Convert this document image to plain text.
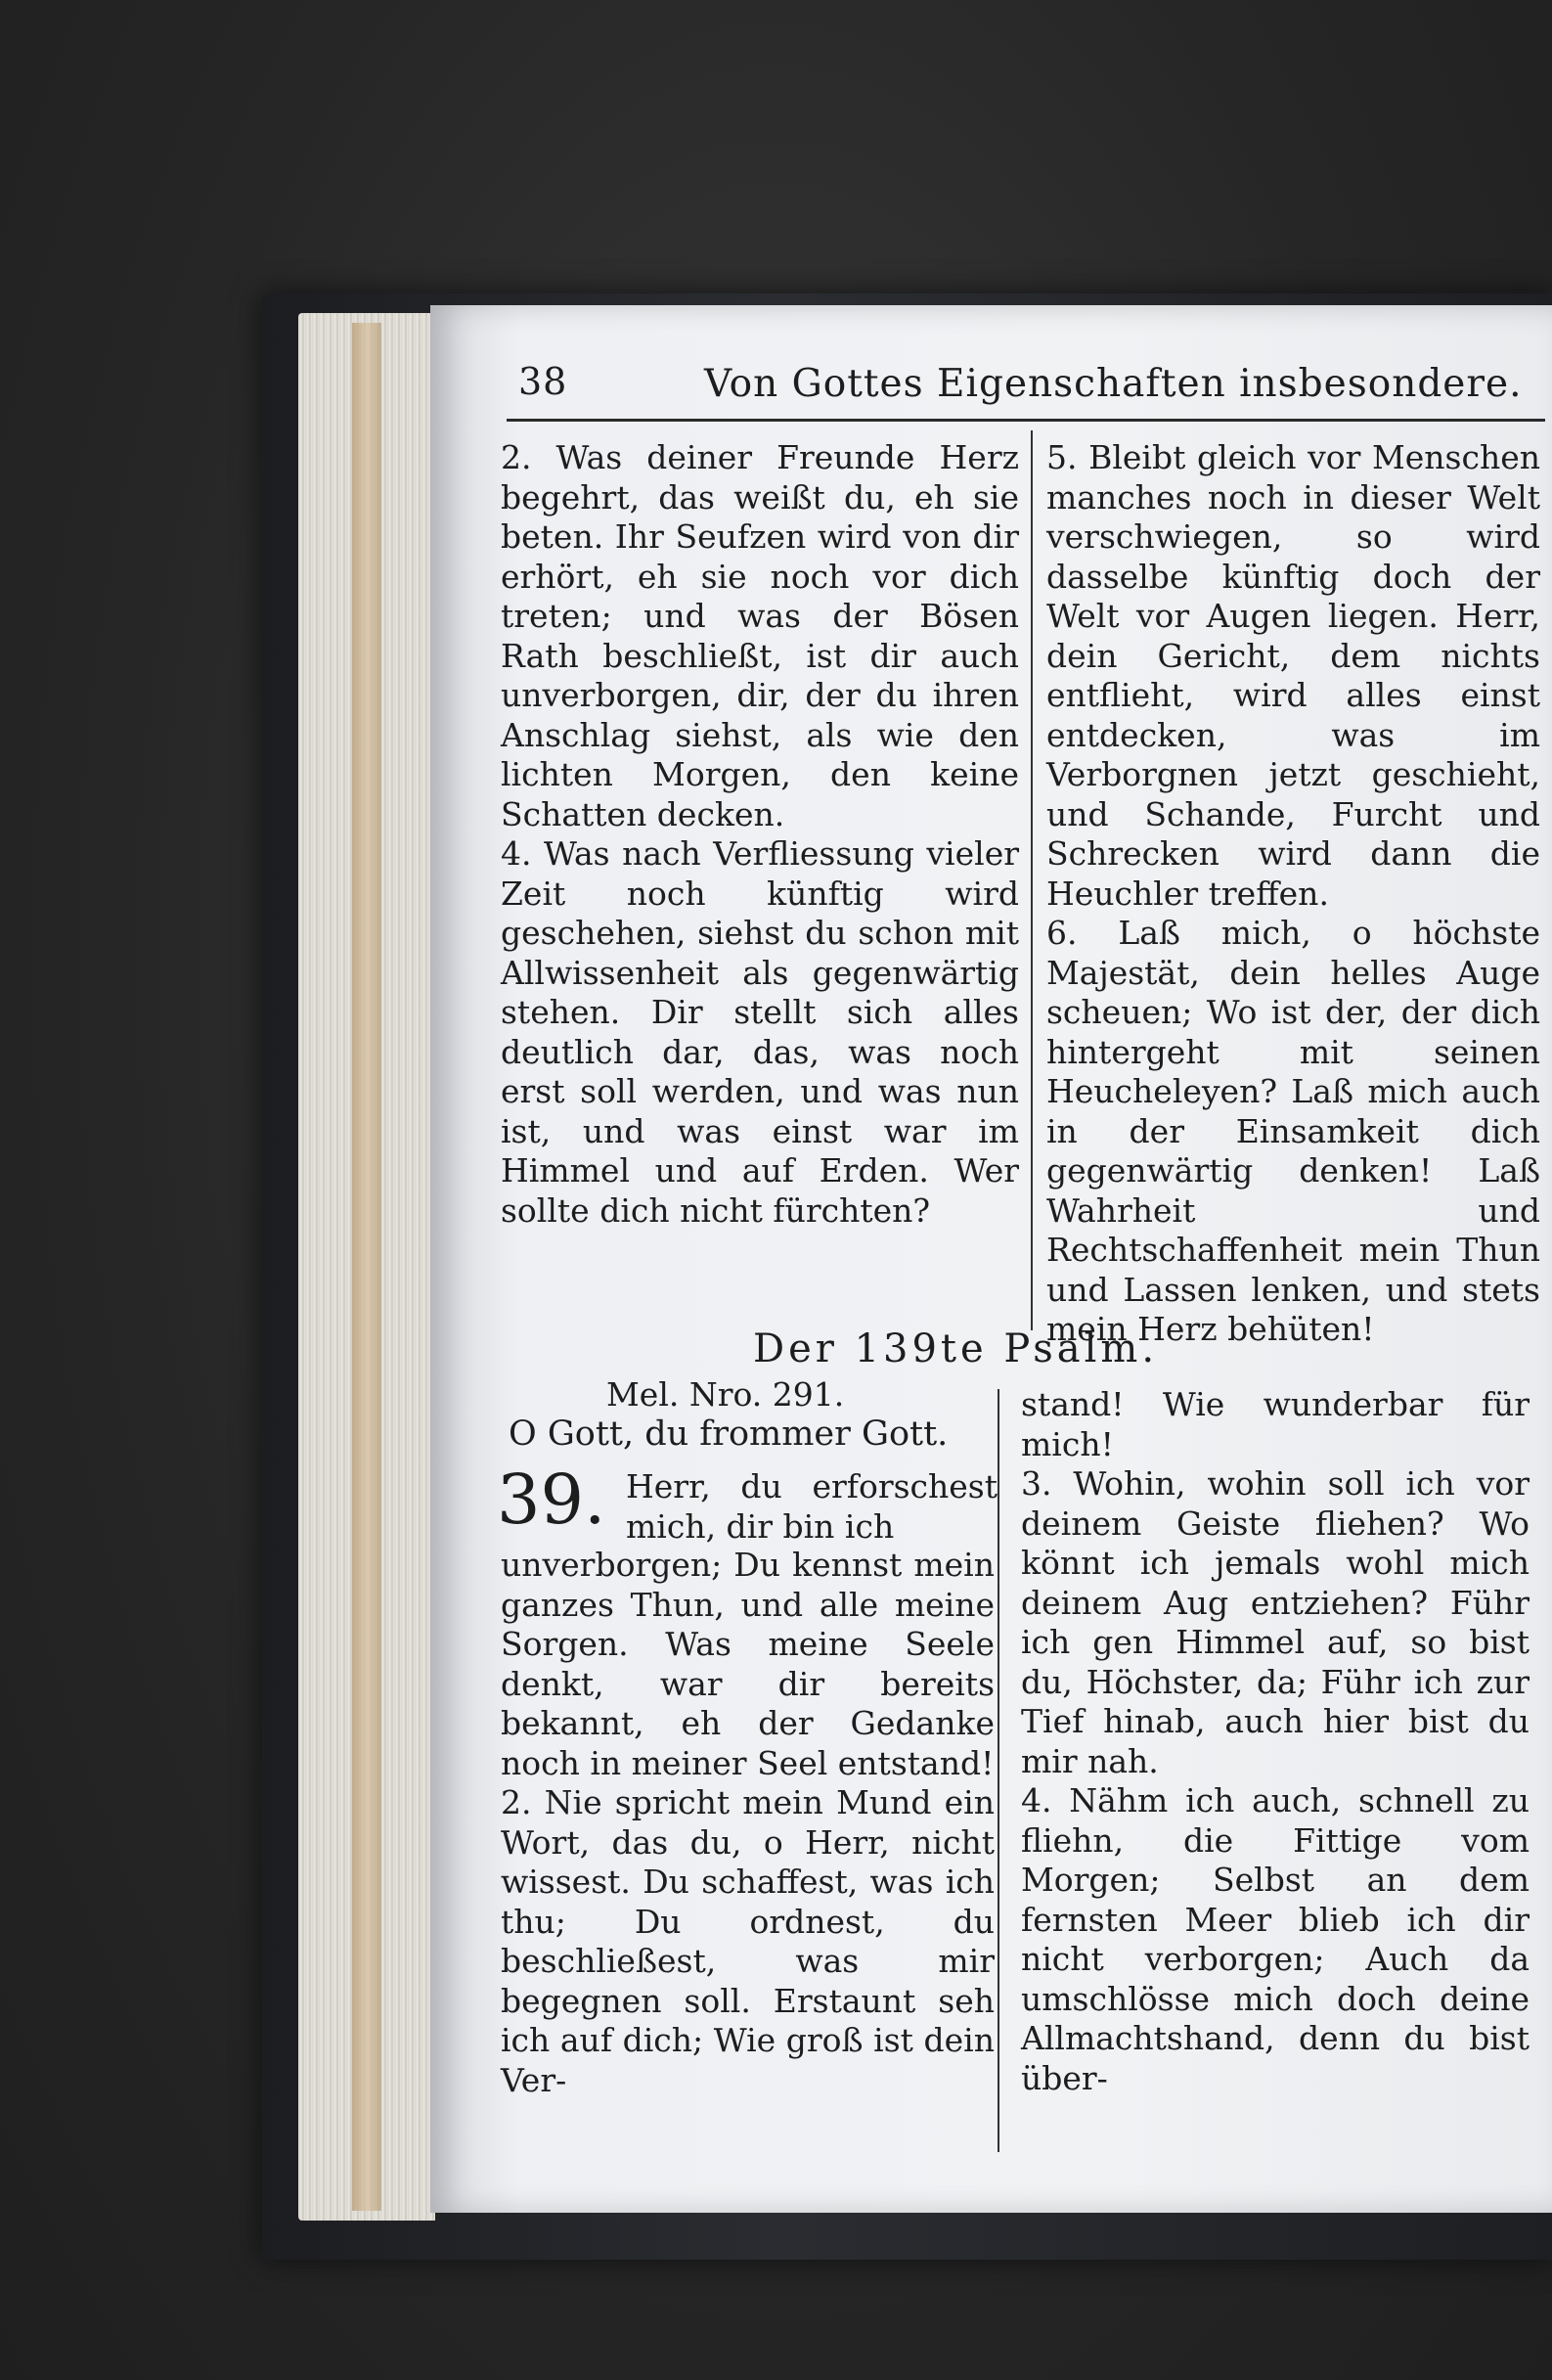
38	Von Gottes Eigenschaften insbesondere.

2. Was deiner Freunde Herz begehrt, das weißt du, eh sie beten. Ihr Seufzen wird von dir erhört, eh sie noch vor dich treten; und was der Bösen Rath beschließt, ist dir auch unverborgen, dir, der du ihren Anschlag siehst, als wie den lichten Morgen, den keine Schatten decken.

4. Was nach Verfliessung vieler Zeit noch künftig wird geschehen, siehst du schon mit Allwissenheit als gegenwärtig stehen. Dir stellt sich alles deutlich dar, das, was noch erst soll werden, und was nun ist, und was einst war im Himmel und auf Erden. Wer sollte dich nicht fürchten?

5. Bleibt gleich vor Menschen manches noch in dieser Welt verschwiegen, so wird dasselbe künftig doch der Welt vor Augen liegen. Herr, dein Gericht, dem nichts entflieht, wird alles einst entdecken, was im Verborgnen jetzt geschieht, und Schande, Furcht und Schrecken wird dann die Heuchler treffen.

6. Laß mich, o höchste Majestät, dein helles Auge scheuen; Wo ist der, der dich hintergeht mit seinen Heucheleyen? Laß mich auch in der Einsamkeit dich gegenwärtig denken! Laß Wahrheit und Rechtschaffenheit mein Thun und Lassen lenken, und stets mein Herz behüten!

Der 139te Psalm.
Mel. Nro. 291.
O Gott, du frommer Gott.
39. Herr, du erforschest mich, dir bin ich

unverborgen; Du kennst mein ganzes Thun, und alle meine Sorgen. Was meine Seele denkt, war dir bereits bekannt, eh der Gedanke noch in meiner Seel entstand!

2. Nie spricht mein Mund ein Wort, das du, o Herr, nicht wissest. Du schaffest, was ich thu; Du ordnest, du beschließest, was mir begegnen soll. Erstaunt seh ich auf dich; Wie groß ist dein Ver-

stand! Wie wunderbar für mich!

3. Wohin, wohin soll ich vor deinem Geiste fliehen? Wo könnt ich jemals wohl mich deinem Aug entziehen? Führ ich gen Himmel auf, so bist du, Höchster, da; Führ ich zur Tief hinab, auch hier bist du mir nah.

4. Nähm ich auch, schnell zu fliehn, die Fittige vom Morgen; Selbst an dem fernsten Meer blieb ich dir nicht verborgen; Auch da umschlösse mich doch deine Allmachtshand, denn du bist über-
